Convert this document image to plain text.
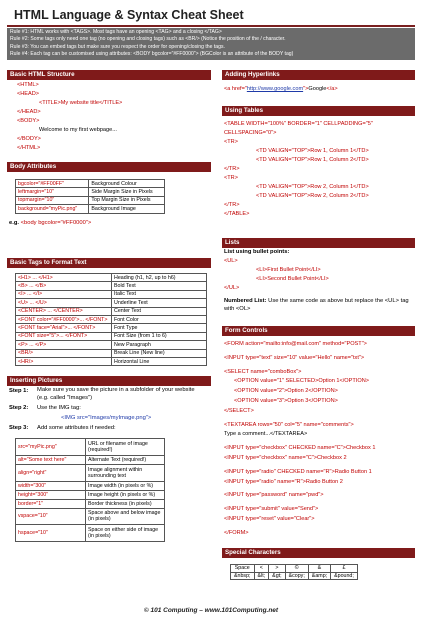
HTML Language & Syntax Cheat Sheet
Rule #1: HTML works with <TAGS>. Most tags have an opening <TAG> and a closing </TAG>
Rule #2: Some tags only need one tag (no opening and closing tags) such as <BR/> (Notice the position of the / character.
Rule #3: You can embed tags but make sure you respect the order for opening/closing the tags.
Rule #4: Each tag can be customised using attributes: <BODY bgcolor="#FF0000"> (BGColor is an attribute of the BODY tag)
Basic HTML Structure
<HTML>
<HEAD>
<TITLE>My website title</TITLE>
</HEAD>
<BODY>
Welcome to my first webpage...
</BODY>
</HTML>
Body Attributes
bgcolor="#FF00FF"	Background Colour
leftmargin="10"	Side Margin Size in Pixels
topmargin="10"	Top Margin Size in Pixels
background="myPic.png"	Background Image
e.g. <body bgcolor="#FF0000">
Basic Tags to Format Text
<H1> ... </H1>	Heading (h1, h2, up to h6)
<B> ... </B>	Bold Text
<I> ... </I>	Italic Text
<U> ... </U>	Underline Text
<CENTER> ... </CENTER>	Center Text
<FONT color="#FF0000">... </FONT>	Font Color
<FONT face="Arial">... </FONT>	Font Type
<FONT size="5">... </FONT>	Font Size (from 1 to 6)
<P> ... </P>	New Paragraph
<BR/>	Break Line (New line)
<HR/>	Horizontal Line
Inserting Pictures
Step 1:	Make sure you save the picture in a subfolder of your website (e.g. called "Images")
Step 2:	Use the IMG tag:
<IMG src="Images/myImage.png">
Step 3:	Add some attributes if needed:
src="myPic.png"	URL or filename of image (required!)
alt="Some text here"	Alternate Text (required!)
align="right"	Image alignment within surrounding text
width="300"	Image width (in pixels or %)
height="300"	Image height (in pixels or %)
border="1"	Border thickness (in pixels)
vspace="10"	Space above and below image (in pixels)
hspace="10"	Space on either side of image (in pixels)
Adding Hyperlinks
<a href="http://www.google.com">Google</a>
Using Tables
<TABLE WIDTH="100%" BORDER="1" CELLPADDING="5"
CELLSPACING="0">
<TR>
<TD VALIGN="TOP">Row 1, Column 1</TD>
<TD VALIGN="TOP">Row 1, Column 2</TD>
</TR>
<TR>
<TD VALIGN="TOP">Row 2, Column 1</TD>
<TD VALIGN="TOP">Row 2, Column 2</TD>
</TR>
</TABLE>
Lists
List using bullet points:
<UL>
<LI>First Bullet Point</LI>
<LI>Second Bullet Point</LI>
</UL>
Numbered List: Use the same code as above but replace the <UL> tag with <OL>
Form Controls
<FORM action="mailto:info@mail.com" method="POST">
<INPUT type="text" size="10" value="Hello" name="txt">
<SELECT name="comboBox">
<OPTION value="1" SELECTED>Option 1</OPTION>
<OPTION value="2">Option 2</OPTION>
<OPTION value="3">Option 3</OPTION>
</SELECT>
<TEXTAREA rows="50" col="5" name="comments">
Type a comment...</TEXTAREA>
<INPUT type="checkbox" CHECKED name="C">Checkbox 1
<INPUT type="checkbox" name="C">Checkbox 2
<INPUT type="radio" CHECKED name="R">Radio Button 1
<INPUT type="radio" name="R">Radio Button 2
<INPUT type="password" name="pwd">
<INPUT type="submit" value="Send">
<INPUT type="reset" value="Clear">
</FORM>
Special Characters
Space	<	>	©	&	£
&nbsp;	&lt;	&gt;	&copy;	&amp;	&pound;
© 101 Computing – www.101Computing.net
